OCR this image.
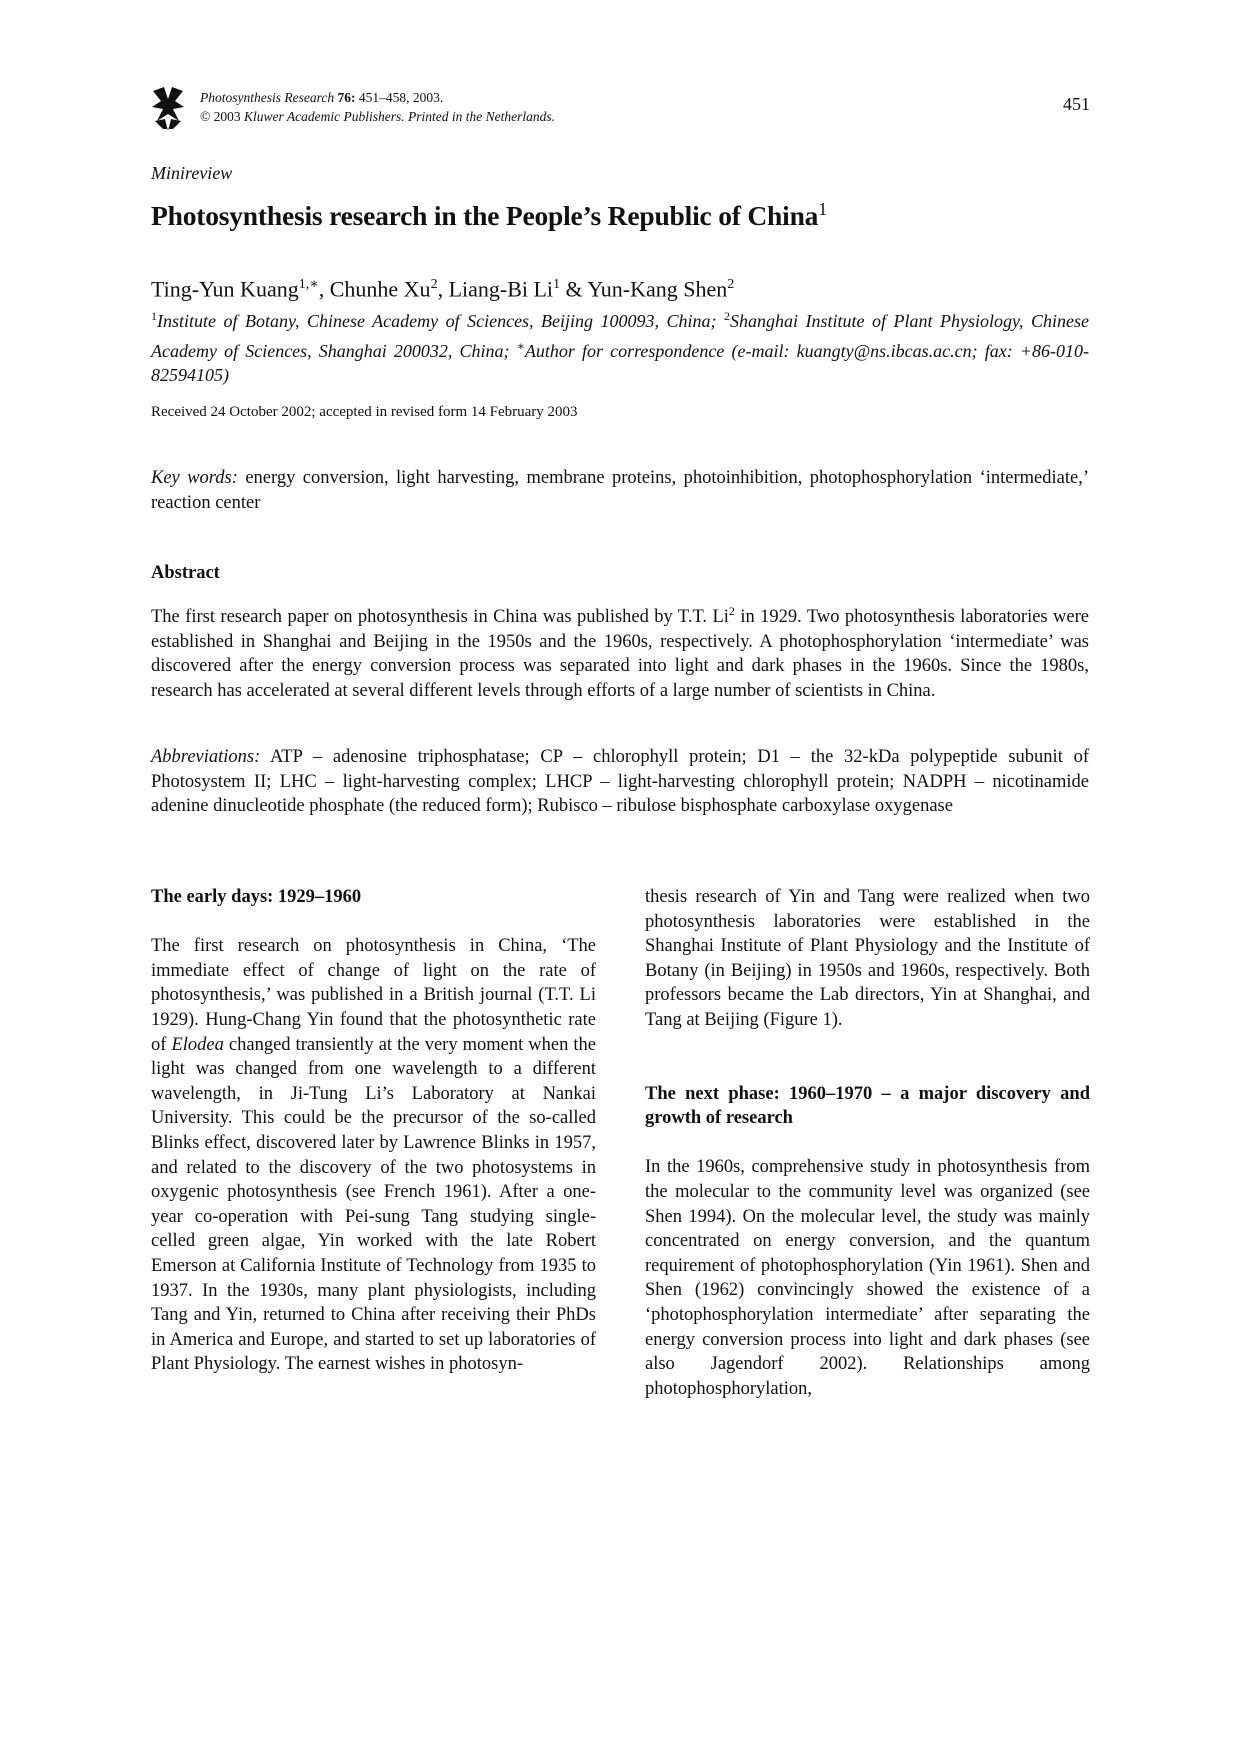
Photosynthesis Research 76: 451–458, 2003.
© 2003 Kluwer Academic Publishers. Printed in the Netherlands.
451
Minireview
Photosynthesis research in the People’s Republic of China$^1$
Ting-Yun Kuang$^{1,∗}$, Chunhe Xu$^2$, Liang-Bi Li$^1$ & Yun-Kang Shen$^2$
$^1$Institute of Botany, Chinese Academy of Sciences, Beijing 100093, China; $^2$Shanghai Institute of Plant Physiology, Chinese Academy of Sciences, Shanghai 200032, China; ∗Author for correspondence (e-mail: kuangty@ns.ibcas.ac.cn; fax: +86-010-82594105)
Received 24 October 2002; accepted in revised form 14 February 2003
Key words: energy conversion, light harvesting, membrane proteins, photoinhibition, photophosphorylation ‘intermediate,’ reaction center
Abstract
The first research paper on photosynthesis in China was published by T.T. Li$^2$ in 1929. Two photosynthesis laboratories were established in Shanghai and Beijing in the 1950s and the 1960s, respectively. A photophosphorylation ‘intermediate’ was discovered after the energy conversion process was separated into light and dark phases in the 1960s. Since the 1980s, research has accelerated at several different levels through efforts of a large number of scientists in China.
Abbreviations: ATP – adenosine triphosphatase; CP – chlorophyll protein; D1 – the 32-kDa polypeptide subunit of Photosystem II; LHC – light-harvesting complex; LHCP – light-harvesting chlorophyll protein; NADPH – nicotinamide adenine dinucleotide phosphate (the reduced form); Rubisco – ribulose bisphosphate carboxylase oxygenase

The early days: 1929–1960

The first research on photosynthesis in China, ‘The immediate effect of change of light on the rate of photosynthesis,’ was published in a British journal (T.T. Li 1929). Hung-Chang Yin found that the photosynthetic rate of Elodea changed transiently at the very moment when the light was changed from one wavelength to a different wavelength, in Ji-Tung Li’s Laboratory at Nankai University. This could be the precursor of the so-called Blinks effect, discovered later by Lawrence Blinks in 1957, and related to the discovery of the two photosystems in oxygenic photosynthesis (see French 1961). After a one-year co-operation with Pei-sung Tang studying single-celled green algae, Yin worked with the late Robert Emerson at California Institute of Technology from 1935 to 1937. In the 1930s, many plant physiologists, including Tang and Yin, returned to China after receiving their PhDs in America and Europe, and started to set up laboratories of Plant Physiology. The earnest wishes in photosyn-

thesis research of Yin and Tang were realized when two photosynthesis laboratories were established in the Shanghai Institute of Plant Physiology and the Institute of Botany (in Beijing) in 1950s and 1960s, respectively. Both professors became the Lab directors, Yin at Shanghai, and Tang at Beijing (Figure 1).

The next phase: 1960–1970 – a major discovery and growth of research

In the 1960s, comprehensive study in photosynthesis from the molecular to the community level was organized (see Shen 1994). On the molecular level, the study was mainly concentrated on energy conversion, and the quantum requirement of photophosphorylation (Yin 1961). Shen and Shen (1962) convincingly showed the existence of a ‘photophosphorylation intermediate’ after separating the energy conversion process into light and dark phases (see also Jagendorf 2002). Relationships among photophosphorylation,
